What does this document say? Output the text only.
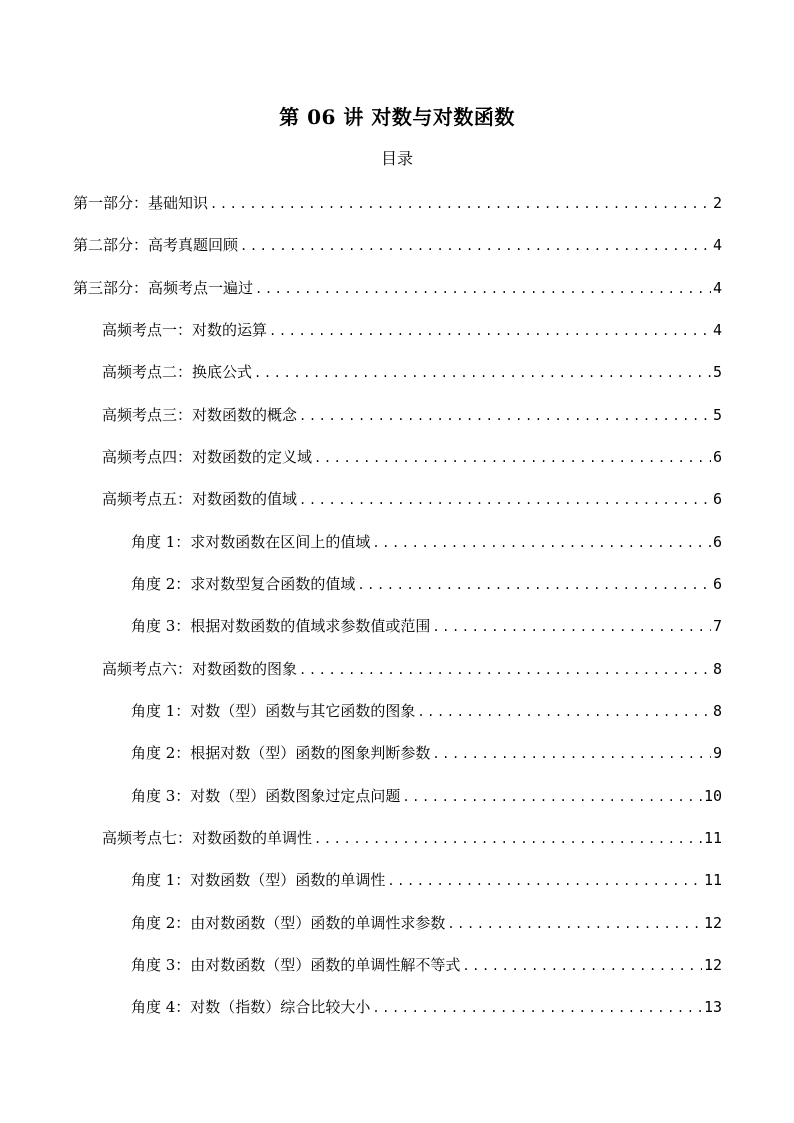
第 06 讲 对数与对数函数
目录
第一部分：基础知识 .....	2
第二部分：高考真题回顾 .....	4
第三部分：高频考点一遍过 .....	4
高频考点一：对数的运算 .....	4
高频考点二：换底公式 .....	5
高频考点三：对数函数的概念 .....	5
高频考点四：对数函数的定义域 .....	6
高频考点五：对数函数的值域 .....	6
角度 1：求对数函数在区间上的值域 .....	6
角度 2：求对数型复合函数的值域 .....	6
角度 3：根据对数函数的值域求参数值或范围 .....	7
高频考点六：对数函数的图象 .....	8
角度 1：对数（型）函数与其它函数的图象 .....	8
角度 2：根据对数（型）函数的图象判断参数 .....	9
角度 3：对数（型）函数图象过定点问题 .....	10
高频考点七：对数函数的单调性 .....	11
角度 1：对数函数（型）函数的单调性 .....	11
角度 2：由对数函数（型）函数的单调性求参数 .....	12
角度 3：由对数函数（型）函数的单调性解不等式 .....	12
角度 4：对数（指数）综合比较大小 .....	13
